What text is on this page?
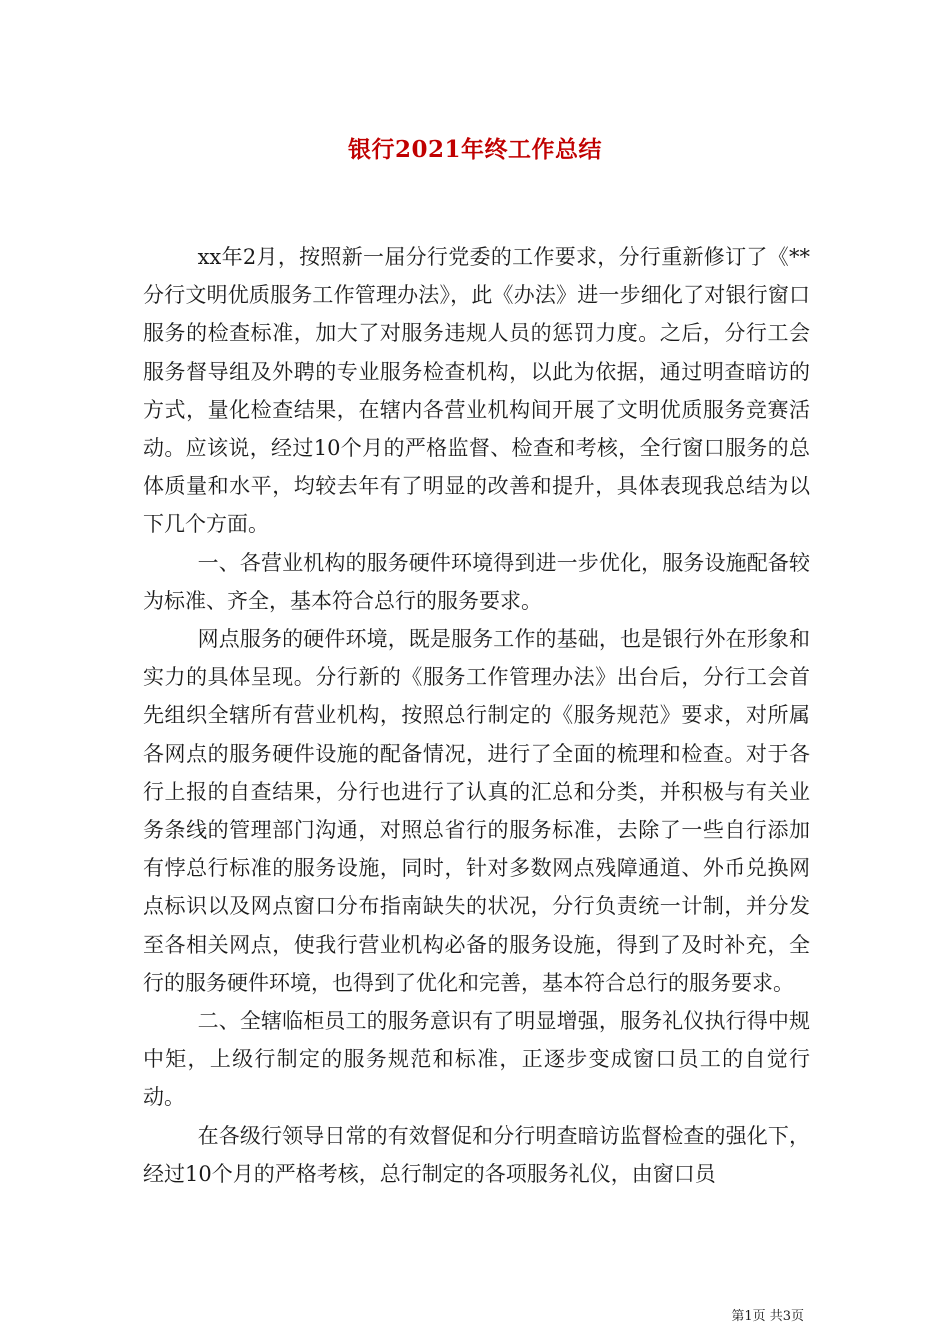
银行2021年终工作总结

xx年2月，按照新一届分行党委的工作要求，分行重新修订了《**分行文明优质服务工作管理办法》，此《办法》进一步细化了对银行窗口服务的检查标准，加大了对服务违规人员的惩罚力度。之后，分行工会服务督导组及外聘的专业服务检查机构，以此为依据，通过明查暗访的方式，量化检查结果，在辖内各营业机构间开展了文明优质服务竞赛活动。应该说，经过10个月的严格监督、检查和考核，全行窗口服务的总体质量和水平，均较去年有了明显的改善和提升，具体表现我总结为以下几个方面。

一、各营业机构的服务硬件环境得到进一步优化，服务设施配备较为标准、齐全，基本符合总行的服务要求。

网点服务的硬件环境，既是服务工作的基础，也是银行外在形象和实力的具体呈现。分行新的《服务工作管理办法》出台后，分行工会首先组织全辖所有营业机构，按照总行制定的《服务规范》要求，对所属各网点的服务硬件设施的配备情况，进行了全面的梳理和检查。对于各行上报的自查结果，分行也进行了认真的汇总和分类，并积极与有关业务条线的管理部门沟通，对照总省行的服务标准，去除了一些自行添加有悖总行标准的服务设施，同时，针对多数网点残障通道、外币兑换网点标识以及网点窗口分布指南缺失的状况，分行负责统一计制，并分发至各相关网点，使我行营业机构必备的服务设施，得到了及时补充，全行的服务硬件环境，也得到了优化和完善，基本符合总行的服务要求。

二、全辖临柜员工的服务意识有了明显增强，服务礼仪执行得中规中矩，上级行制定的服务规范和标准，正逐步变成窗口员工的自觉行动。

在各级行领导日常的有效督促和分行明查暗访监督检查的强化下，经过10个月的严格考核，总行制定的各项服务礼仪，由窗口员

第1页 共3页
